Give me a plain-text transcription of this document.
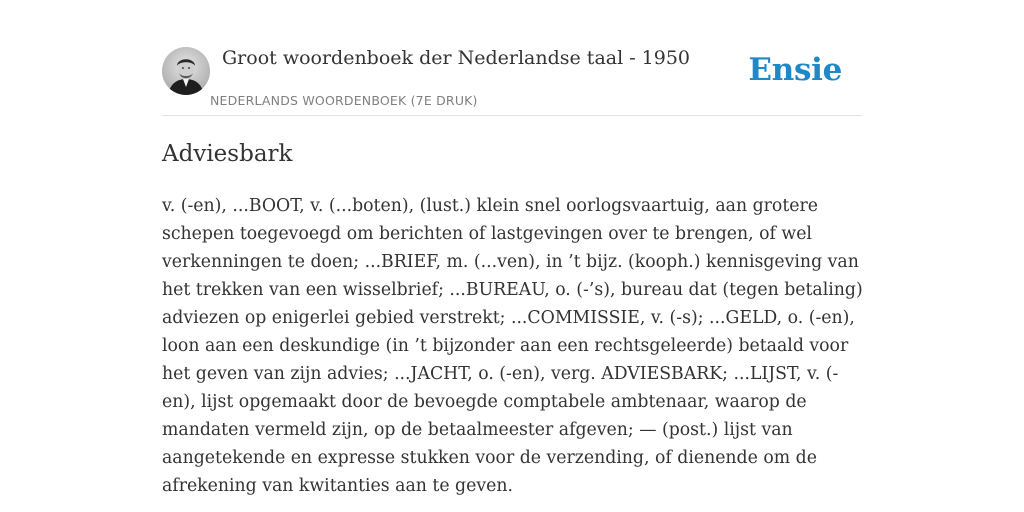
Groot woordenboek der Nederlandse taal - 1950
NEDERLANDS WOORDENBOEK (7E DRUK)
Ensie
Adviesbark

v. (-en), ...BOOT, v. (...boten), (lust.) klein snel oorlogsvaartuig, aan grotere schepen toegevoegd om berichten of lastgevingen over te brengen, of wel verkenningen te doen; ...BRIEF, m. (...ven), in ’t bijz. (kooph.) kennisgeving van het trekken van een wisselbrief; ...BUREAU, o. (-’s), bureau dat (tegen betaling) adviezen op enigerlei gebied verstrekt; ...COMMISSIE, v. (-s); ...GELD, o. (-en), loon aan een deskundige (in ’t bijzonder aan een rechtsgeleerde) betaald voor het geven van zijn advies; ...JACHT, o. (-en), verg. ADVIESBARK; ...LIJST, v. (-en), lijst opgemaakt door de bevoegde comptabele ambtenaar, waarop de mandaten vermeld zijn, op de betaalmeester afgeven; — (post.) lijst van aangetekende en expresse stukken voor de verzending, of dienende om de afrekening van kwitanties aan te geven.
